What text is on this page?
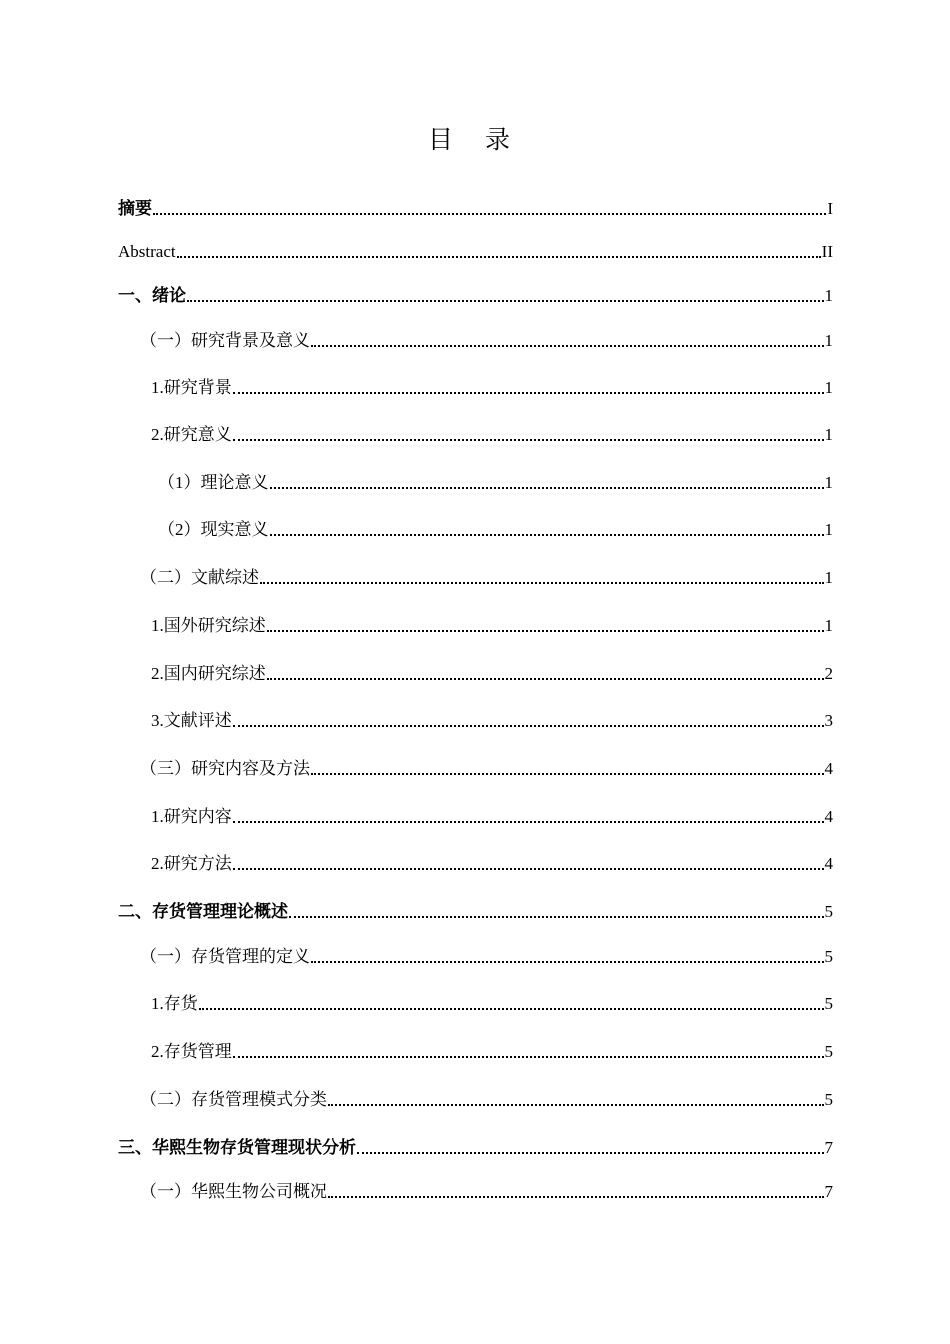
目 录
摘要	I
Abstract	II
一、绪论	1
（一）研究背景及意义	1
1.研究背景	1
2.研究意义	1
（1）理论意义	1
（2）现实意义	1
（二）文献综述	1
1.国外研究综述	1
2.国内研究综述	2
3.文献评述	3
（三）研究内容及方法	4
1.研究内容	4
2.研究方法	4
二、存货管理理论概述	5
（一）存货管理的定义	5
1.存货	5
2.存货管理	5
（二）存货管理模式分类	5
三、华熙生物存货管理现状分析	7
（一）华熙生物公司概况	7
